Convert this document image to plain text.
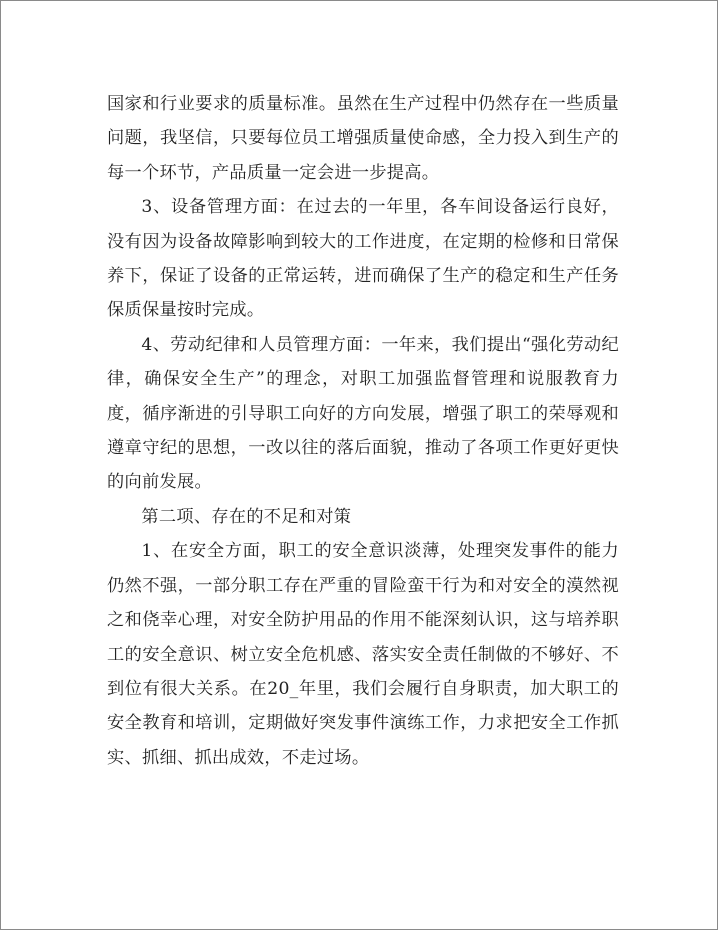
国家和行业要求的质量标准。虽然在生产过程中仍然存在一些质量问题，我坚信，只要每位员工增强质量使命感，全力投入到生产的每一个环节，产品质量一定会进一步提高。

3、设备管理方面：在过去的一年里，各车间设备运行良好，没有因为设备故障影响到较大的工作进度，在定期的检修和日常保养下，保证了设备的正常运转，进而确保了生产的稳定和生产任务保质保量按时完成。

4、劳动纪律和人员管理方面：一年来，我们提出“强化劳动纪律，确保安全生产”的理念，对职工加强监督管理和说服教育力度，循序渐进的引导职工向好的方向发展，增强了职工的荣辱观和遵章守纪的思想，一改以往的落后面貌，推动了各项工作更好更快的向前发展。

第二项、存在的不足和对策

1、在安全方面，职工的安全意识淡薄，处理突发事件的能力仍然不强，一部分职工存在严重的冒险蛮干行为和对安全的漠然视之和侥幸心理，对安全防护用品的作用不能深刻认识，这与培养职工的安全意识、树立安全危机感、落实安全责任制做的不够好、不到位有很大关系。在20_年里，我们会履行自身职责，加大职工的安全教育和培训，定期做好突发事件演练工作，力求把安全工作抓实、抓细、抓出成效，不走过场。
